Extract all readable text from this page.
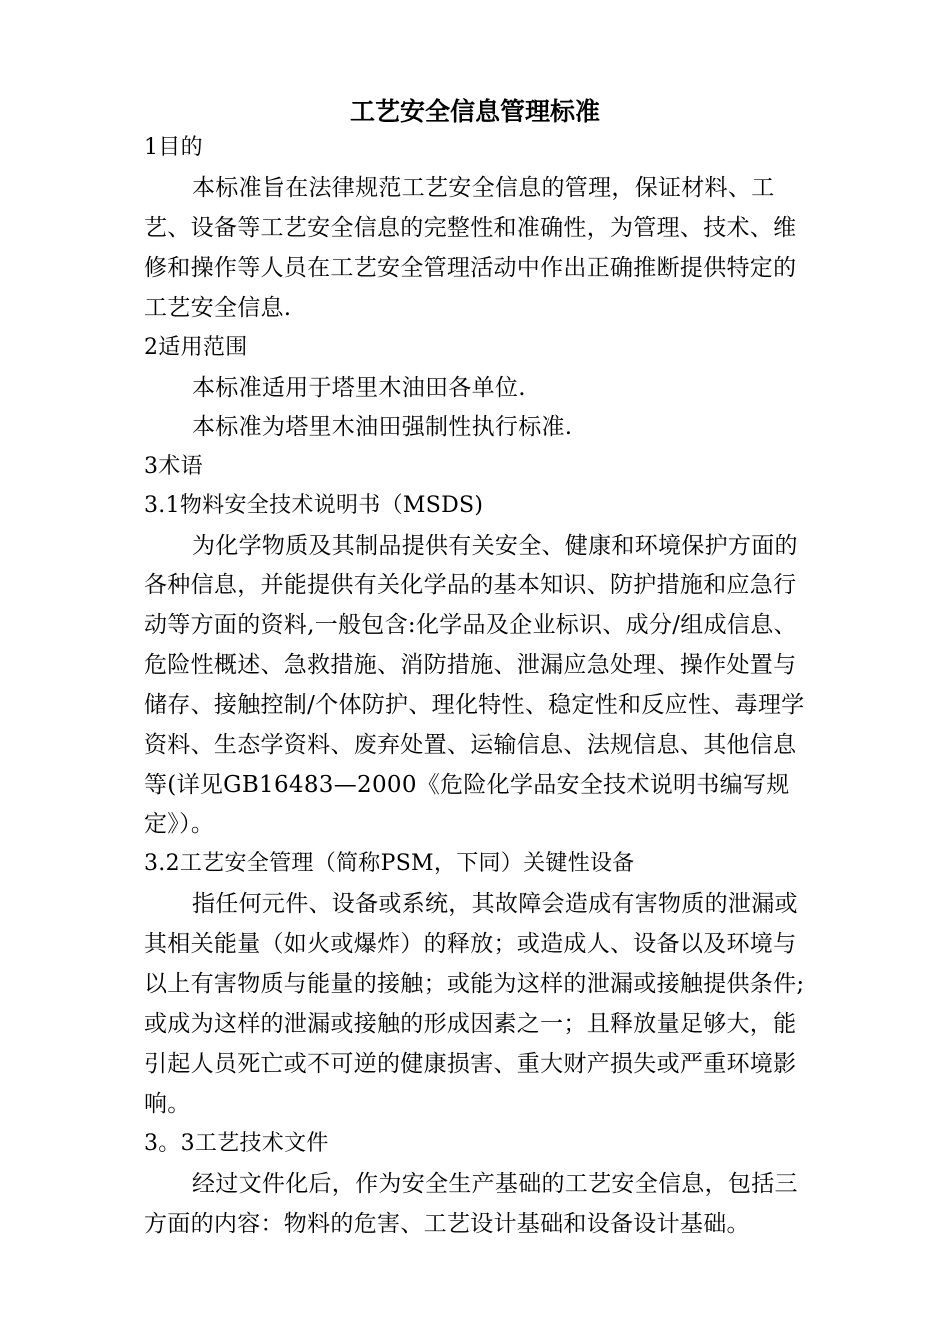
工艺安全信息管理标准
1目的
本标准旨在法律规范工艺安全信息的管理，保证材料、工
艺、设备等工艺安全信息的完整性和准确性，为管理、技术、维
修和操作等人员在工艺安全管理活动中作出正确推断提供特定的
工艺安全信息.
2适用范围
本标准适用于塔里木油田各单位.
本标准为塔里木油田强制性执行标准.
3术语
3.1物料安全技术说明书（MSDS)
为化学物质及其制品提供有关安全、健康和环境保护方面的
各种信息，并能提供有关化学品的基本知识、防护措施和应急行
动等方面的资料,一般包含:化学品及企业标识、成分/组成信息、
危险性概述、急救措施、消防措施、泄漏应急处理、操作处置与
储存、接触控制/个体防护、理化特性、稳定性和反应性、毒理学
资料、生态学资料、废弃处置、运输信息、法规信息、其他信息
等(详见GB16483—2000《危险化学品安全技术说明书编写规
定》）。
3.2工艺安全管理（简称PSM，下同）关键性设备
指任何元件、设备或系统，其故障会造成有害物质的泄漏或
其相关能量（如火或爆炸）的释放；或造成人、设备以及环境与
以上有害物质与能量的接触；或能为这样的泄漏或接触提供条件;
或成为这样的泄漏或接触的形成因素之一；且释放量足够大，能
引起人员死亡或不可逆的健康损害、重大财产损失或严重环境影
响。
3。3工艺技术文件
经过文件化后，作为安全生产基础的工艺安全信息，包括三
方面的内容：物料的危害、工艺设计基础和设备设计基础。
